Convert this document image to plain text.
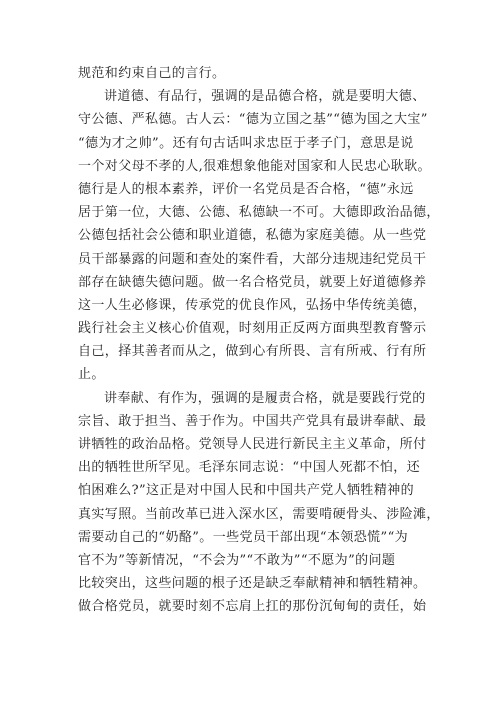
规范和约束自己的言行。
讲道德、有品行，强调的是品德合格，就是要明大德、
守公德、严私德。古人云：“德为立国之基”“德为国之大宝”
“德为才之帅”。还有句古话叫求忠臣于孝子门，意思是说
一个对父母不孝的人,很难想象他能对国家和人民忠心耿耿。
德行是人的根本素养，评价一名党员是否合格，“德”永远
居于第一位，大德、公德、私德缺一不可。大德即政治品德，
公德包括社会公德和职业道德，私德为家庭美德。从一些党
员干部暴露的问题和查处的案件看，大部分违规违纪党员干
部存在缺德失德问题。做一名合格党员，就要上好道德修养
这一人生必修课，传承党的优良作风，弘扬中华传统美德，
践行社会主义核心价值观，时刻用正反两方面典型教育警示
自己，择其善者而从之，做到心有所畏、言有所戒、行有所
止。
讲奉献、有作为，强调的是履责合格，就是要践行党的
宗旨、敢于担当、善于作为。中国共产党具有最讲奉献、最
讲牺牲的政治品格。党领导人民进行新民主主义革命，所付
出的牺牲世所罕见。毛泽东同志说：“中国人死都不怕，还
怕困难么?”这正是对中国人民和中国共产党人牺牲精神的
真实写照。当前改革已进入深水区，需要啃硬骨头、涉险滩，
需要动自己的“奶酪”。一些党员干部出现“本领恐慌”“为
官不为”等新情况，“不会为”“不敢为”“不愿为”的问题
比较突出，这些问题的根子还是缺乏奉献精神和牺牲精神。
做合格党员，就要时刻不忘肩上扛的那份沉甸甸的责任，始
